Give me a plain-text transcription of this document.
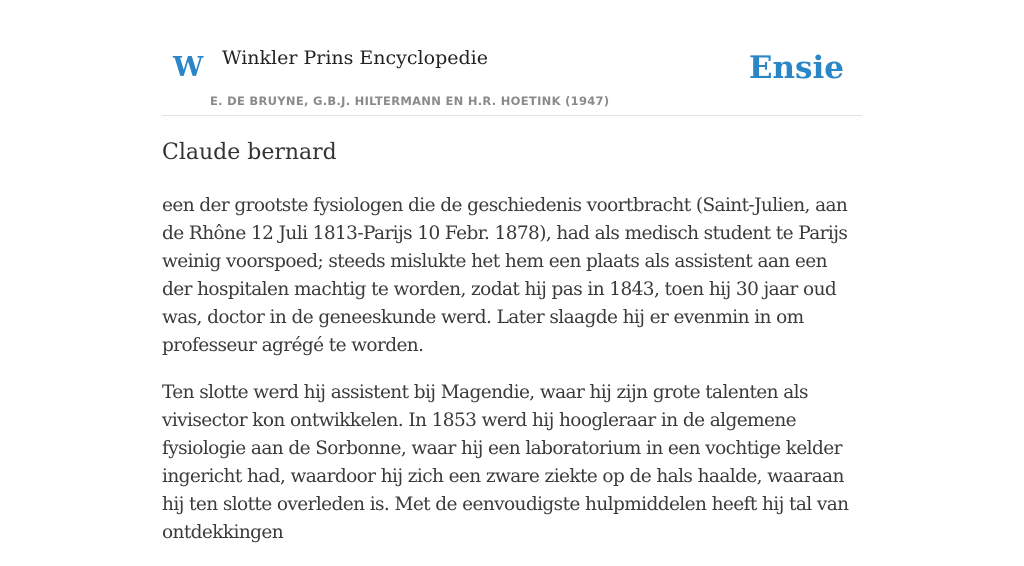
W Winkler Prins Encyclopedie
E. DE BRUYNE, G.B.J. HILTERMANN EN H.R. HOETINK (1947)
Ensie
Claude bernard

een der grootste fysiologen die de geschiedenis voortbracht (Saint-Julien, aan de Rhône 12 Juli 1813-Parijs 10 Febr. 1878), had als medisch student te Parijs weinig voorspoed; steeds mislukte het hem een plaats als assistent aan een der hospitalen machtig te worden, zodat hij pas in 1843, toen hij 30 jaar oud was, doctor in de geneeskunde werd. Later slaagde hij er evenmin in om professeur agrégé te worden.

Ten slotte werd hij assistent bij Magendie, waar hij zijn grote talenten als vivisector kon ontwikkelen. In 1853 werd hij hoogleraar in de algemene fysiologie aan de Sorbonne, waar hij een laboratorium in een vochtige kelder ingericht had, waardoor hij zich een zware ziekte op de hals haalde, waaraan hij ten slotte overleden is. Met de eenvoudigste hulpmiddelen heeft hij tal van ontdekkingen
